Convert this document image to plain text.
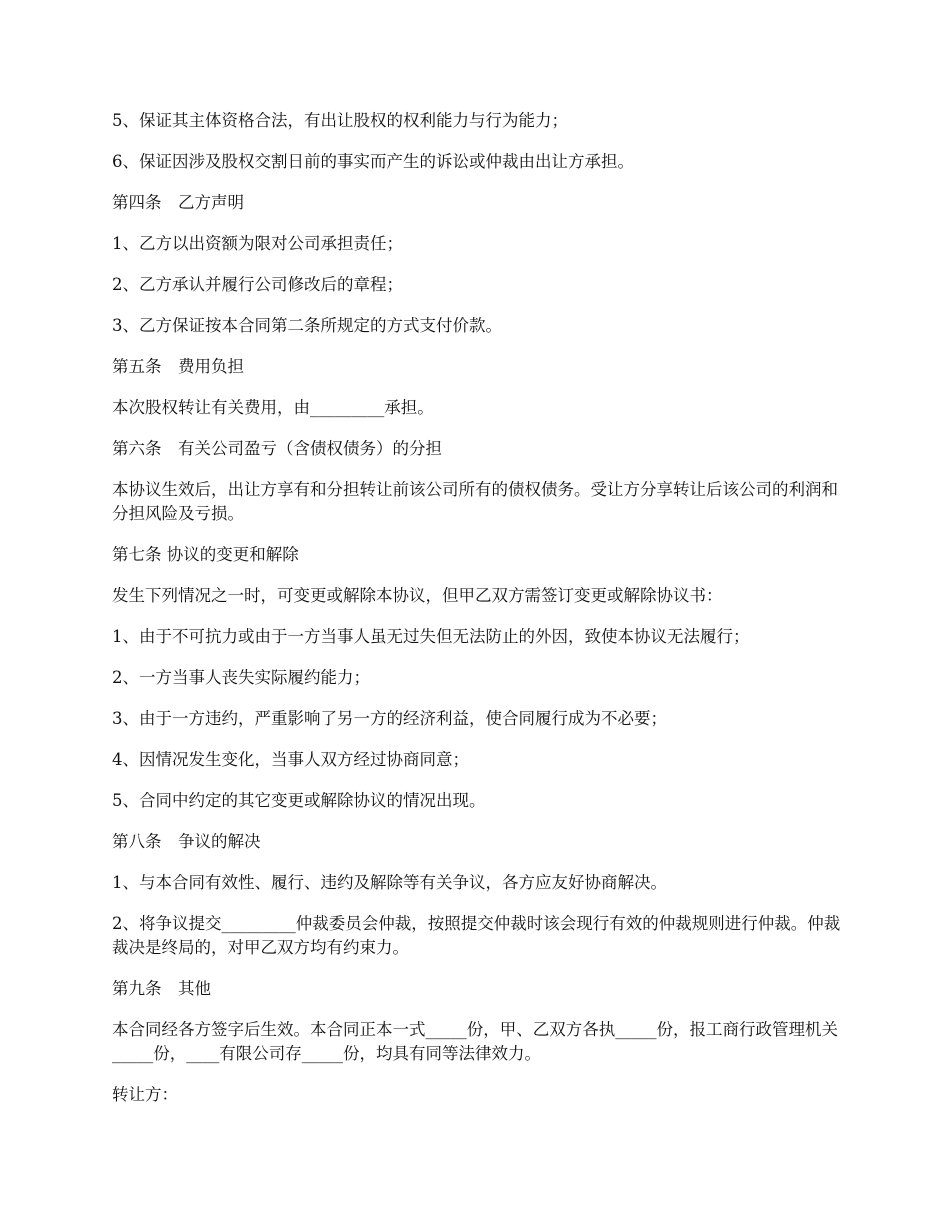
5、保证其主体资格合法，有出让股权的权利能力与行为能力；

6、保证因涉及股权交割日前的事实而产生的诉讼或仲裁由出让方承担。

第四条　乙方声明

1、乙方以出资额为限对公司承担责任；

2、乙方承认并履行公司修改后的章程；

3、乙方保证按本合同第二条所规定的方式支付价款。

第五条　费用负担

本次股权转让有关费用，由_________承担。

第六条　有关公司盈亏（含债权债务）的分担

本协议生效后，出让方享有和分担转让前该公司所有的债权债务。受让方分享转让后该公司的利润和分担风险及亏损。

第七条 协议的变更和解除

发生下列情况之一时，可变更或解除本协议，但甲乙双方需签订变更或解除协议书：

1、由于不可抗力或由于一方当事人虽无过失但无法防止的外因，致使本协议无法履行；

2、一方当事人丧失实际履约能力；

3、由于一方违约，严重影响了另一方的经济利益，使合同履行成为不必要；

4、因情况发生变化，当事人双方经过协商同意；

5、合同中约定的其它变更或解除协议的情况出现。

第八条　争议的解决

1、与本合同有效性、履行、违约及解除等有关争议，各方应友好协商解决。

2、将争议提交_________仲裁委员会仲裁，按照提交仲裁时该会现行有效的仲裁规则进行仲裁。仲裁裁决是终局的，对甲乙双方均有约束力。

第九条　其他

本合同经各方签字后生效。本合同正本一式_____份，甲、乙双方各执_____份，报工商行政管理机关_____份，____有限公司存_____份，均具有同等法律效力。

转让方：
